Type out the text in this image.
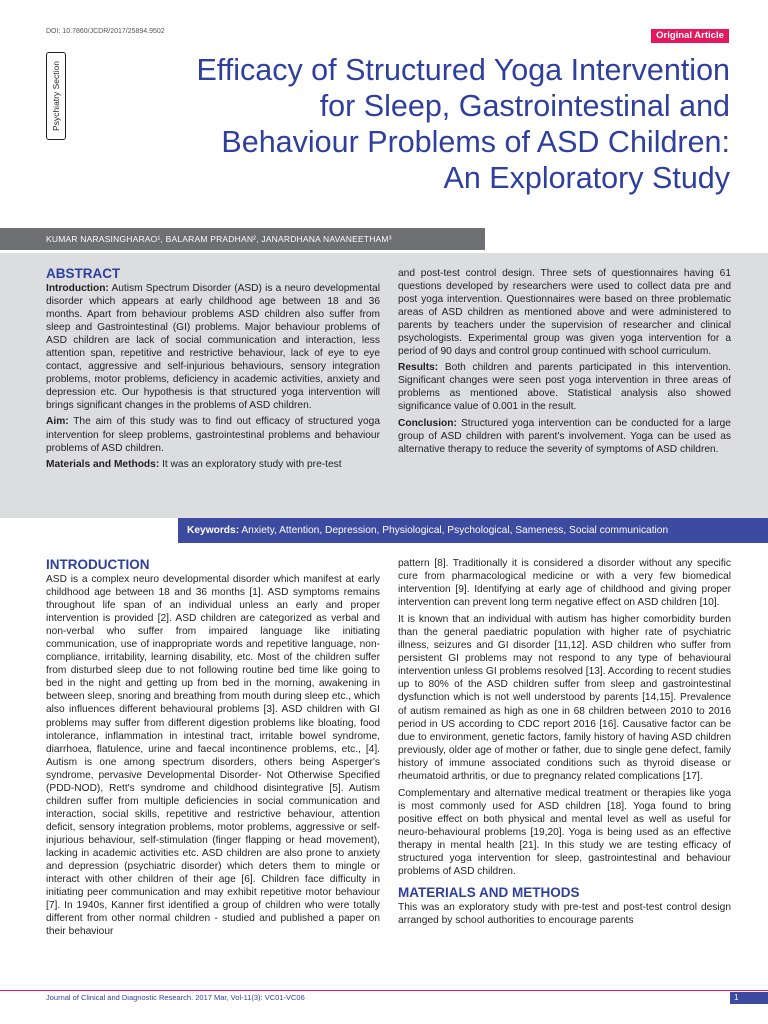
DOI: 10.7860/JCDR/2017/25894.9502	Original Article
Psychiatry Section	Efficacy of Structured Yoga Intervention
for Sleep, Gastrointestinal and
Behaviour Problems of ASD Children:
An Exploratory Study
KUMAR NARASINGHARAO¹, BALARAM PRADHAN², JANARDHANA NAVANEETHAM³
ABSTRACT

Introduction: Autism Spectrum Disorder (ASD) is a neuro developmental disorder which appears at early childhood age between 18 and 36 months. Apart from behaviour problems ASD children also suffer from sleep and Gastrointestinal (GI) problems. Major behaviour problems of ASD children are lack of social communication and interaction, less attention span, repetitive and restrictive behaviour, lack of eye to eye contact, aggressive and self-injurious behaviours, sensory integration problems, motor problems, deficiency in academic activities, anxiety and depression etc. Our hypothesis is that structured yoga intervention will brings significant changes in the problems of ASD children.

Aim: The aim of this study was to find out efficacy of structured yoga intervention for sleep problems, gastrointestinal problems and behaviour problems of ASD children.

Materials and Methods: It was an exploratory study with pre-test

and post-test control design. Three sets of questionnaires having 61 questions developed by researchers were used to collect data pre and post yoga intervention. Questionnaires were based on three problematic areas of ASD children as mentioned above and were administered to parents by teachers under the supervision of researcher and clinical psychologists. Experimental group was given yoga intervention for a period of 90 days and control group continued with school curriculum.

Results: Both children and parents participated in this intervention. Significant changes were seen post yoga intervention in three areas of problems as mentioned above. Statistical analysis also showed significance value of 0.001 in the result.

Conclusion: Structured yoga intervention can be conducted for a large group of ASD children with parent's involvement. Yoga can be used as alternative therapy to reduce the severity of symptoms of ASD children.

Keywords: Anxiety, Attention, Depression, Physiological, Psychological, Sameness, Social communication
INTRODUCTION

ASD is a complex neuro developmental disorder which manifest at early childhood age between 18 and 36 months [1]. ASD symptoms remains throughout life span of an individual unless an early and proper intervention is provided [2]. ASD children are categorized as verbal and non-verbal who suffer from impaired language like initiating communication, use of inappropriate words and repetitive language, non-compliance, irritability, learning disability, etc. Most of the children suffer from disturbed sleep due to not following routine bed time like going to bed in the night and getting up from bed in the morning, awakening in between sleep, snoring and breathing from mouth during sleep etc., which also influences different behavioural problems [3]. ASD children with GI problems may suffer from different digestion problems like bloating, food intolerance, inflammation in intestinal tract, irritable bowel syndrome, diarrhoea, flatulence, urine and faecal incontinence problems, etc., [4]. Autism is one among spectrum disorders, others being Asperger's syndrome, pervasive Developmental Disorder- Not Otherwise Specified (PDD-NOD), Rett's syndrome and childhood disintegrative [5]. Autism children suffer from multiple deficiencies in social communication and interaction, social skills, repetitive and restrictive behaviour, attention deficit, sensory integration problems, motor problems, aggressive or self-injurious behaviour, self-stimulation (finger flapping or head movement), lacking in academic activities etc. ASD children are also prone to anxiety and depression (psychiatric disorder) which deters them to mingle or interact with other children of their age [6]. Children face difficulty in initiating peer communication and may exhibit repetitive motor behaviour [7]. In 1940s, Kanner first identified a group of children who were totally different from other normal children - studied and published a paper on their behaviour

pattern [8]. Traditionally it is considered a disorder without any specific cure from pharmacological medicine or with a very few biomedical intervention [9]. Identifying at early age of childhood and giving proper intervention can prevent long term negative effect on ASD children [10].

It is known that an individual with autism has higher comorbidity burden than the general paediatric population with higher rate of psychiatric illness, seizures and GI disorder [11,12]. ASD children who suffer from persistent GI problems may not respond to any type of behavioural intervention unless GI problems resolved [13]. According to recent studies up to 80% of the ASD children suffer from sleep and gastrointestinal dysfunction which is not well understood by parents [14,15]. Prevalence of autism remained as high as one in 68 children between 2010 to 2016 period in US according to CDC report 2016 [16]. Causative factor can be due to environment, genetic factors, family history of having ASD children previously, older age of mother or father, due to single gene defect, family history of immune associated conditions such as thyroid disease or rheumatoid arthritis, or due to pregnancy related complications [17].

Complementary and alternative medical treatment or therapies like yoga is most commonly used for ASD children [18]. Yoga found to bring positive effect on both physical and mental level as well as useful for neuro-behavioural problems [19,20]. Yoga is being used as an effective therapy in mental health [21]. In this study we are testing efficacy of structured yoga intervention for sleep, gastrointestinal and behaviour problems of ASD children.

MATERIALS AND METHODS

This was an exploratory study with pre-test and post-test control design arranged by school authorities to encourage parents

Journal of Clinical and Diagnostic Research. 2017 Mar, Vol-11(3): VC01-VC06	1
